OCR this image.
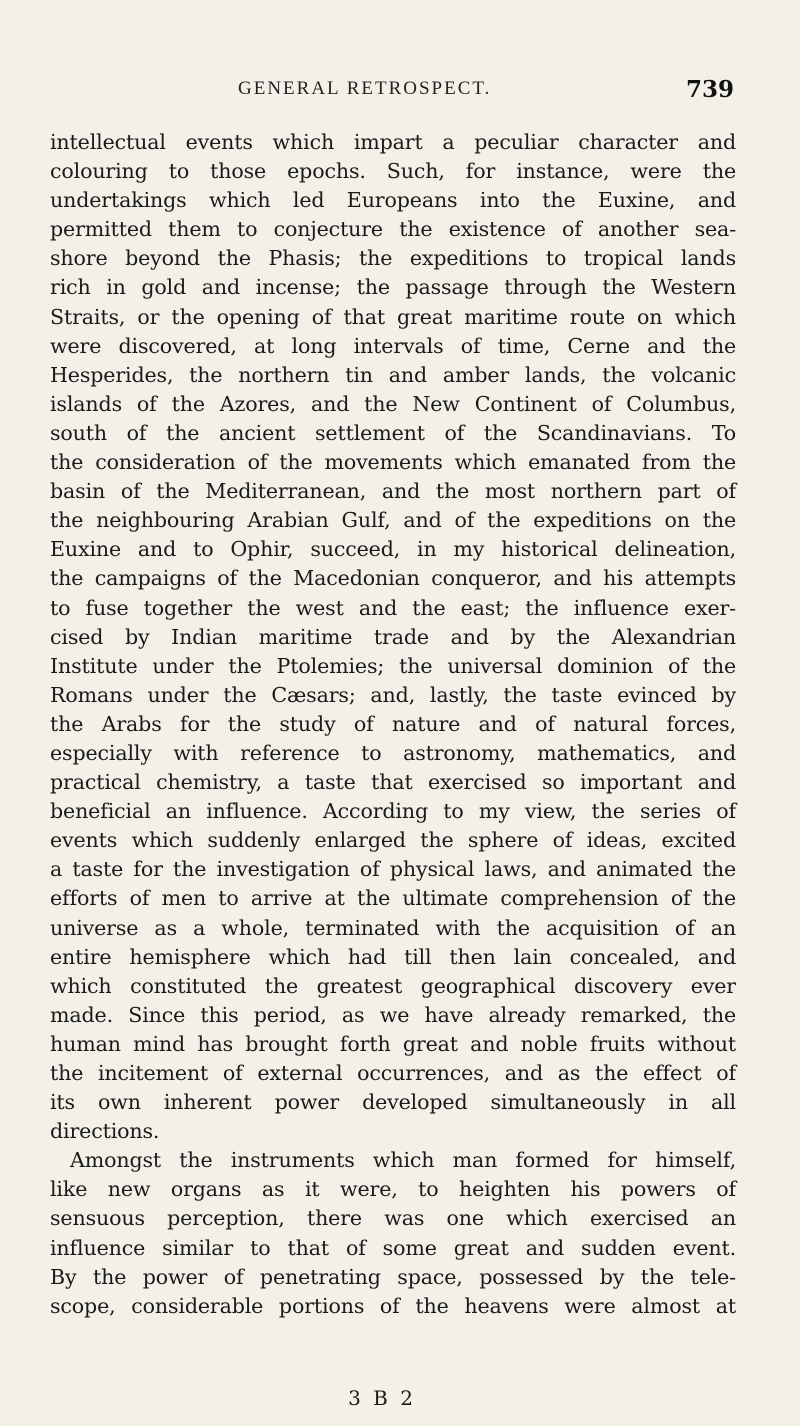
GENERAL RETROSPECT.	739
intellectual events which impart a peculiar character and
colouring to those epochs. Such, for instance, were the
undertakings which led Europeans into the Euxine, and
permitted them to conjecture the existence of another sea-
shore beyond the Phasis; the expeditions to tropical lands
rich in gold and incense; the passage through the Western
Straits, or the opening of that great maritime route on which
were discovered, at long intervals of time, Cerne and the
Hesperides, the northern tin and amber lands, the volcanic
islands of the Azores, and the New Continent of Columbus,
south of the ancient settlement of the Scandinavians. To
the consideration of the movements which emanated from the
basin of the Mediterranean, and the most northern part of
the neighbouring Arabian Gulf, and of the expeditions on the
Euxine and to Ophir, succeed, in my historical delineation,
the campaigns of the Macedonian conqueror, and his attempts
to fuse together the west and the east; the influence exer-
cised by Indian maritime trade and by the Alexandrian
Institute under the Ptolemies; the universal dominion of the
Romans under the Cæsars; and, lastly, the taste evinced by
the Arabs for the study of nature and of natural forces,
especially with reference to astronomy, mathematics, and
practical chemistry, a taste that exercised so important and
beneficial an influence. According to my view, the series of
events which suddenly enlarged the sphere of ideas, excited
a taste for the investigation of physical laws, and animated the
efforts of men to arrive at the ultimate comprehension of the
universe as a whole, terminated with the acquisition of an
entire hemisphere which had till then lain concealed, and
which constituted the greatest geographical discovery ever
made. Since this period, as we have already remarked, the
human mind has brought forth great and noble fruits without
the incitement of external occurrences, and as the effect of
its own inherent power developed simultaneously in all
directions.
Amongst the instruments which man formed for himself,
like new organs as it were, to heighten his powers of
sensuous perception, there was one which exercised an
influence similar to that of some great and sudden event.
By the power of penetrating space, possessed by the tele-
scope, considerable portions of the heavens were almost at
3 B 2
